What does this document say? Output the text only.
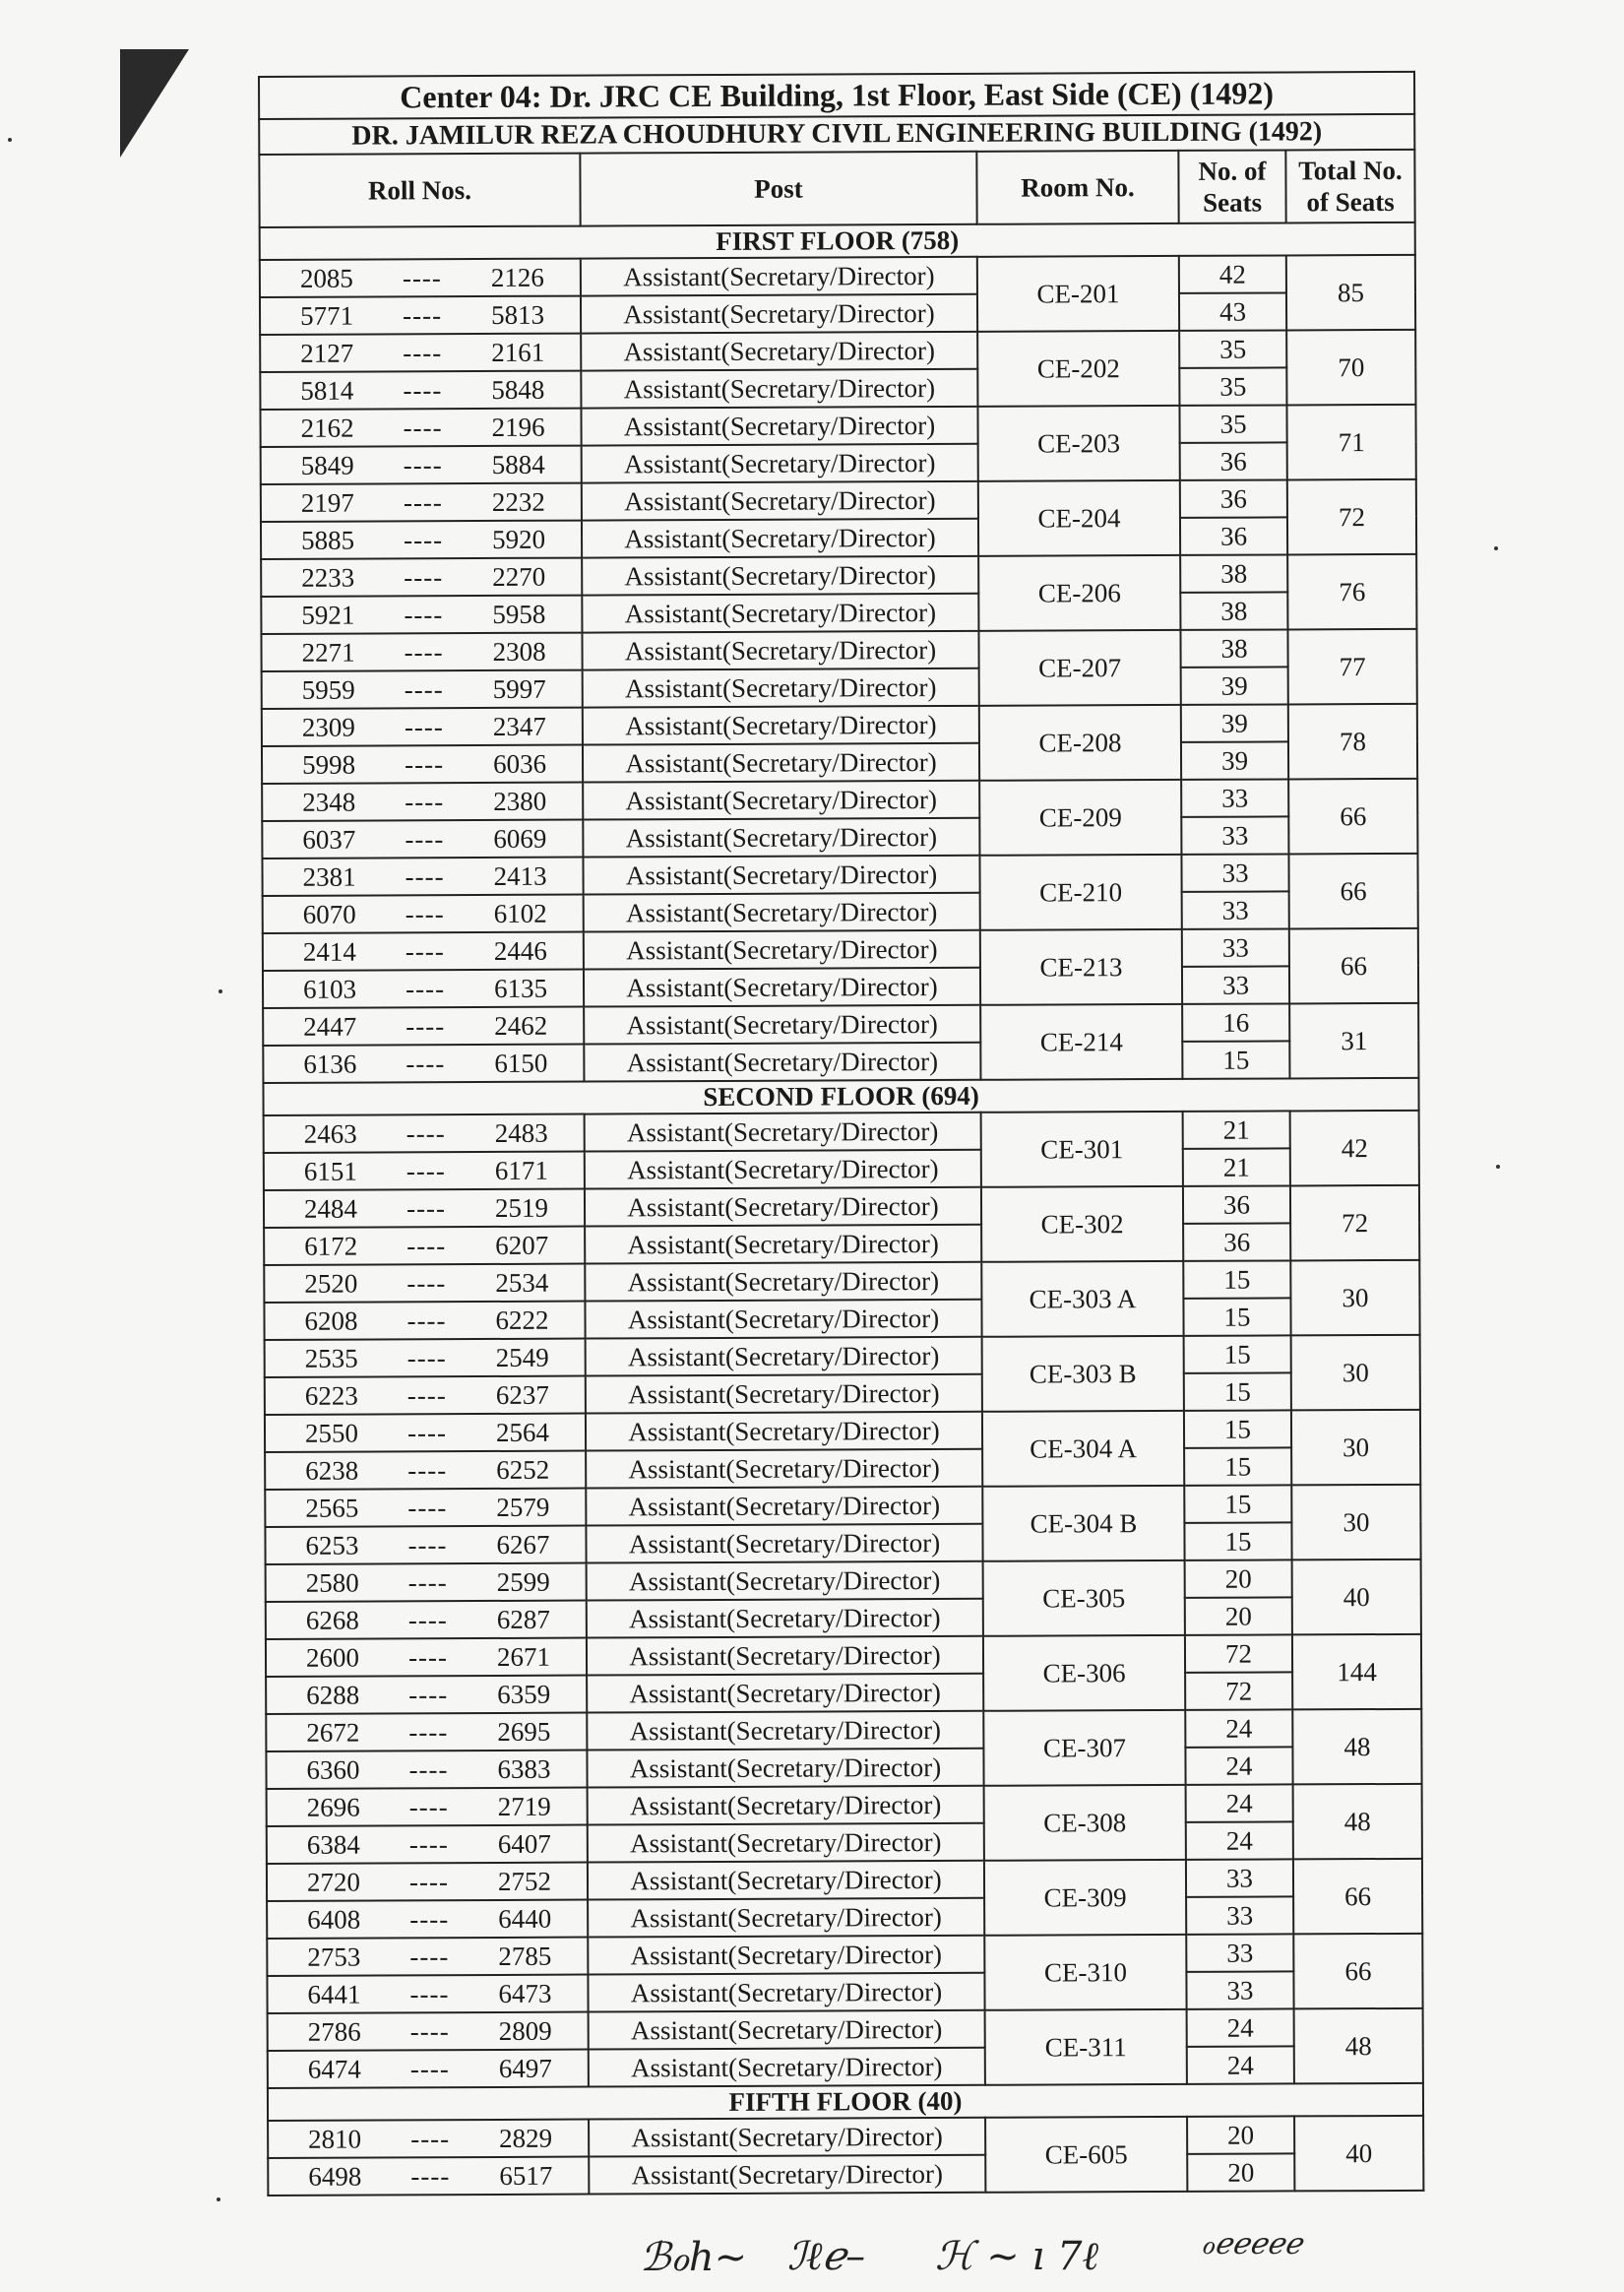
Center 04: Dr. JRC CE Building, 1st Floor, East Side (CE) (1492)				
DR. JAMILUR REZA CHOUDHURY CIVIL ENGINEERING BUILDING (1492)				
Roll Nos.	Post	Room No.	No. of Seats	Total No. of Seats
FIRST FLOOR (758)				

2085 ---- 2126	Assistant(Secretary/Director)	CE-201	42	85

5771 ---- 5813	Assistant(Secretary/Director)		43	

2127 ---- 2161	Assistant(Secretary/Director)	CE-202	35	70

5814 ---- 5848	Assistant(Secretary/Director)		35	

2162 ---- 2196	Assistant(Secretary/Director)	CE-203	35	71

5849 ---- 5884	Assistant(Secretary/Director)		36	

2197 ---- 2232	Assistant(Secretary/Director)	CE-204	36	72

5885 ---- 5920	Assistant(Secretary/Director)		36	

2233 ---- 2270	Assistant(Secretary/Director)	CE-206	38	76

5921 ---- 5958	Assistant(Secretary/Director)		38	

2271 ---- 2308	Assistant(Secretary/Director)	CE-207	38	77

5959 ---- 5997	Assistant(Secretary/Director)		39	

2309 ---- 2347	Assistant(Secretary/Director)	CE-208	39	78

5998 ---- 6036	Assistant(Secretary/Director)		39	

2348 ---- 2380	Assistant(Secretary/Director)	CE-209	33	66

6037 ---- 6069	Assistant(Secretary/Director)		33	

2381 ---- 2413	Assistant(Secretary/Director)	CE-210	33	66

6070 ---- 6102	Assistant(Secretary/Director)		33	

2414 ---- 2446	Assistant(Secretary/Director)	CE-213	33	66

6103 ---- 6135	Assistant(Secretary/Director)		33	

2447 ---- 2462	Assistant(Secretary/Director)	CE-214	16	31

6136 ---- 6150	Assistant(Secretary/Director)		15	
SECOND FLOOR (694)				

2463 ---- 2483	Assistant(Secretary/Director)	CE-301	21	42

6151 ---- 6171	Assistant(Secretary/Director)		21	

2484 ---- 2519	Assistant(Secretary/Director)	CE-302	36	72

6172 ---- 6207	Assistant(Secretary/Director)		36	

2520 ---- 2534	Assistant(Secretary/Director)	CE-303 A	15	30

6208 ---- 6222	Assistant(Secretary/Director)		15	

2535 ---- 2549	Assistant(Secretary/Director)	CE-303 B	15	30

6223 ---- 6237	Assistant(Secretary/Director)		15	

2550 ---- 2564	Assistant(Secretary/Director)	CE-304 A	15	30

6238 ---- 6252	Assistant(Secretary/Director)		15	

2565 ---- 2579	Assistant(Secretary/Director)	CE-304 B	15	30

6253 ---- 6267	Assistant(Secretary/Director)		15	

2580 ---- 2599	Assistant(Secretary/Director)	CE-305	20	40

6268 ---- 6287	Assistant(Secretary/Director)		20	

2600 ---- 2671	Assistant(Secretary/Director)	CE-306	72	144

6288 ---- 6359	Assistant(Secretary/Director)		72	

2672 ---- 2695	Assistant(Secretary/Director)	CE-307	24	48

6360 ---- 6383	Assistant(Secretary/Director)		24	

2696 ---- 2719	Assistant(Secretary/Director)	CE-308	24	48

6384 ---- 6407	Assistant(Secretary/Director)		24	

2720 ---- 2752	Assistant(Secretary/Director)	CE-309	33	66

6408 ---- 6440	Assistant(Secretary/Director)		33	

2753 ---- 2785	Assistant(Secretary/Director)	CE-310	33	66

6441 ---- 6473	Assistant(Secretary/Director)		33	

2786 ---- 2809	Assistant(Secretary/Director)	CE-311	24	48

6474 ---- 6497	Assistant(Secretary/Director)		24	
FIFTH FLOOR (40)				

2810 ---- 2829	Assistant(Secretary/Director)	CE-605	20	40

6498 ---- 6517	Assistant(Secretary/Director)		20	
ℬℴℎ~ ℐℓℯ– ℋ ~ ı 7ℓ	ℴℯℯℯℯℯ
